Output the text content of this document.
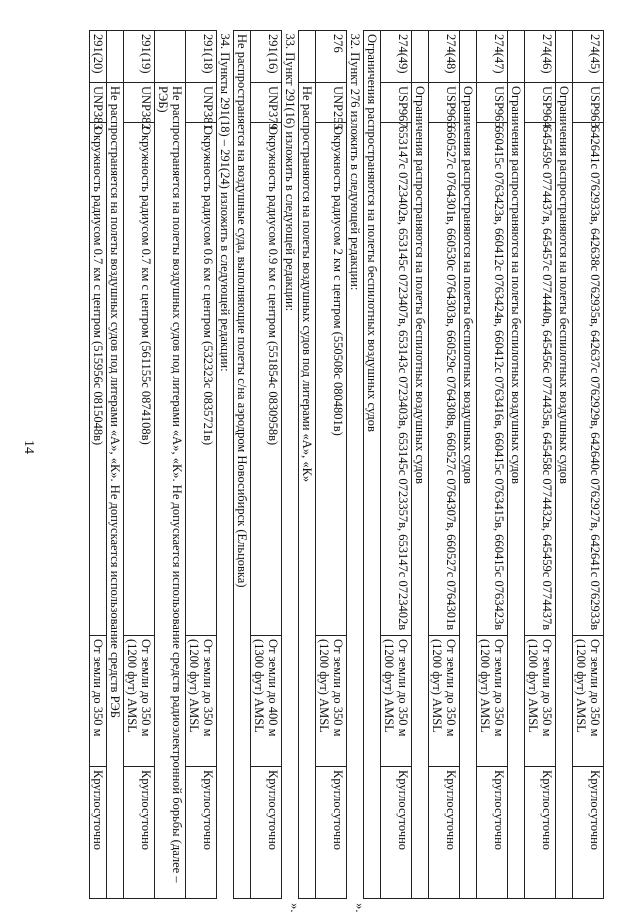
14
274(45)	USP963	642641с 0762933в, 642638с 0762935в, 642637с 0762929в, 642640с 0762927в, 642641с 0762933в	От земли до 350 м (1200 фут) AMSL	Круглосуточно
	Ограничения распространяются на полеты беспилотных воздушных судов			
274(46)	USP964	645459с 0774437в, 645457с 0774440в, 645456с 0774435в, 645458с 0774432в, 645459с 0774437в	От земли до 350 м (1200 фут) AMSL	Круглосуточно
	Ограничения распространяются на полеты беспилотных воздушных судов			
274(47)	USP965	660415с 0763423в, 660412с 0763424в, 660412с 0763416в, 660415с 0763415в, 660415с 0763423в	От земли до 350 м (1200 фут) AMSL	Круглосуточно
	Ограничения распространяются на полеты беспилотных воздушных судов			
274(48)	USP966	660527с 0764301в, 660530с 0764303в, 660529с 0764308в, 660527с 0764307в, 660527с 0764301в	От земли до 350 м (1200 фут) AMSL	Круглосуточно
	Ограничения распространяются на полеты беспилотных воздушных судов			
274(49)	USP967	653147с 0723402в, 653145с 0723407в, 653143с 0723403в, 653145с 0723357в, 653147с 0723402в	От земли до 350 м (1200 фут) AMSL	Круглосуточно
Ограничения распространяются на полеты беспилотных воздушных судов				

».
32. Пункт 276 изложить в следующей редакции:				
276	UNP255	Окружность радиусом 2 км с центром (550508с 0804801в)	От земли до 350 м (1200 фут) AMSL	Круглосуточно
	Не распространяются на полеты воздушных судов под литерами «А», «К»			

».
33. Пункт 291(16) изложить в следующей редакции:				
291(16)	UNP379	Окружность радиусом 0.9 км с центром (551854с 0830958в)	От земли до 400 м (1300 фут) AMSL	Круглосуточно
Не распространяется на воздушные суда, выполняющие полеты с/на аэродром Новосибирск (Ельцовка)				
34. Пункты 291(18) – 291(24) изложить в следующей редакции:				
291(18)	UNP381	Окружность радиусом 0.6 км с центром (532323с 0835721в)	От земли до 350 м (1200 фут) AMSL	Круглосуточно
	Не распространяется на полеты воздушных судов под литерами «А», «К». Не допускается использование средств радиоэлектронной борьбы (далее – РЭБ)			
291(19)	UNP382	Окружность радиусом 0.7 км с центром (561155с 0874108в)	От земли до 350 м (1200 фут) AMSL	Круглосуточно
	Не распространяется на полеты воздушных судов под литерами «А», «К». Не допускается использование средств РЭБ			
291(20)	UNP383	Окружность радиусом 0.7 км с центром (515956с 0815048в)	От земли до 350 м	Круглосуточно
